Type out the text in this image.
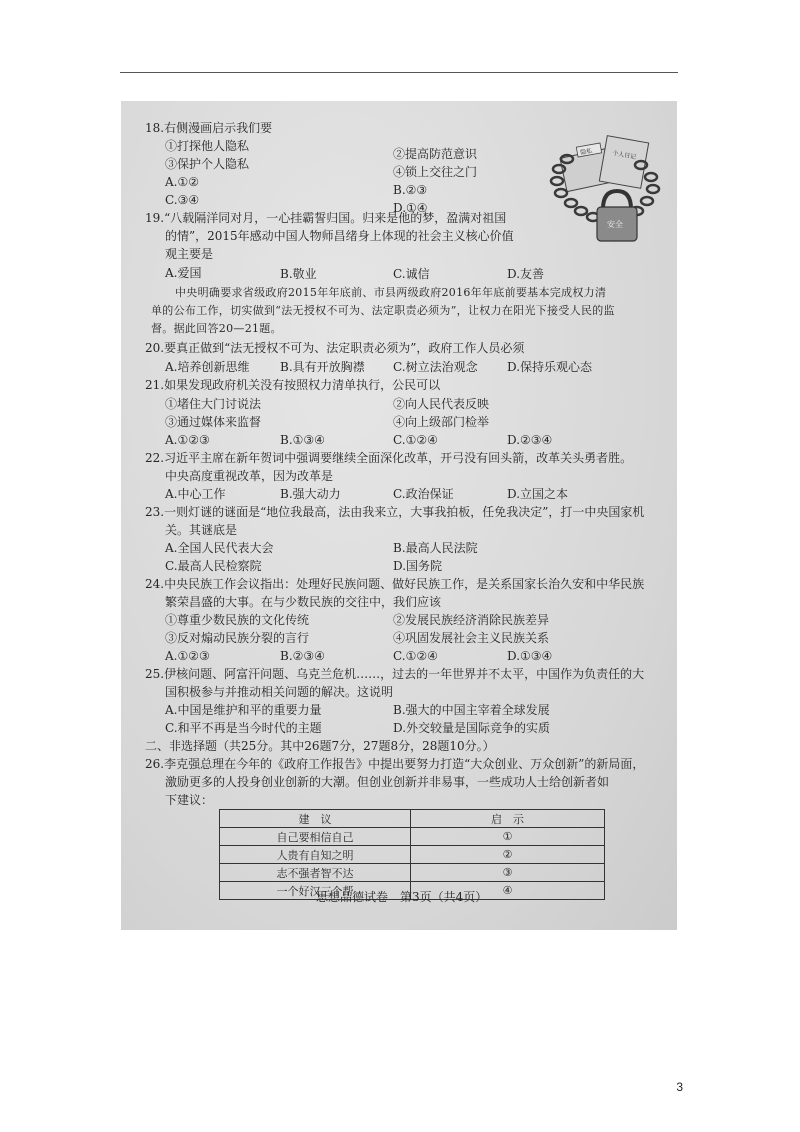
18.右侧漫画启示我们要
①打探他人隐私
②提高防范意识
③保护个人隐私
④锁上交往之门
A.①②
B.②③
C.③④
D.①④
个人日记
隐私
安全
19.“八载隔洋同对月，一心挂霸誓归国。归来是他的梦，盈满对祖国
的情”，2015年感动中国人物师昌绪身上体现的社会主义核心价值
观主要是
A.爱国	B.敬业	C.诚信	D.友善
中央明确要求省级政府2015年年底前、市县两级政府2016年年底前要基本完成权力清
单的公布工作，切实做到“法无授权不可为、法定职责必须为”，让权力在阳光下接受人民的监
督。据此回答20—21题。
20.要真正做到“法无授权不可为、法定职责必须为”，政府工作人员必须
A.培养创新思维	B.具有开放胸襟 C.树立法治观念 D.保持乐观心态
21.如果发现政府机关没有按照权力清单执行，公民可以
①堵住大门讨说法	②向人民代表反映
③通过媒体来监督	④向上级部门检举
A.①②③	B.①③④	C.①②④	D.②③④
22.习近平主席在新年贺词中强调要继续全面深化改革，开弓没有回头箭，改革关头勇者胜。
中央高度重视改革，因为改革是
A.中心工作	B.强大动力	C.政治保证	D.立国之本
23.一则灯谜的谜面是“地位我最高，法由我来立，大事我拍板，任免我决定”，打一中央国家机
关。其谜底是
A.全国人民代表大会	B.最高人民法院
C.最高人民检察院	D.国务院
24.中央民族工作会议指出：处理好民族问题、做好民族工作，是关系国家长治久安和中华民族
繁荣昌盛的大事。在与少数民族的交往中，我们应该
①尊重少数民族的文化传统	②发展民族经济消除民族差异
③反对煽动民族分裂的言行	④巩固发展社会主义民族关系
A.①②③	B.②③④	C.①②④	D.①③④
25.伊核问题、阿富汗问题、乌克兰危机……，过去的一年世界并不太平，中国作为负责任的大
国积极参与并推动相关问题的解决。这说明
A.中国是维护和平的重要力量	B.强大的中国主宰着全球发展
C.和平不再是当今时代的主题	D.外交较量是国际竞争的实质
二、非选择题（共25分。其中26题7分，27题8分，28题10分。）
26.李克强总理在今年的《政府工作报告》中提出要努力打造“大众创业、万众创新”的新局面，
激励更多的人投身创业创新的大潮。但创业创新并非易事，一些成功人士给创新者如
下建议：
建　议	启　示
自己要相信自己	①
人贵有自知之明	②
志不强者智不达	③
一个好汉三个帮	④
思想品德试卷　第3页（共4页）
3
